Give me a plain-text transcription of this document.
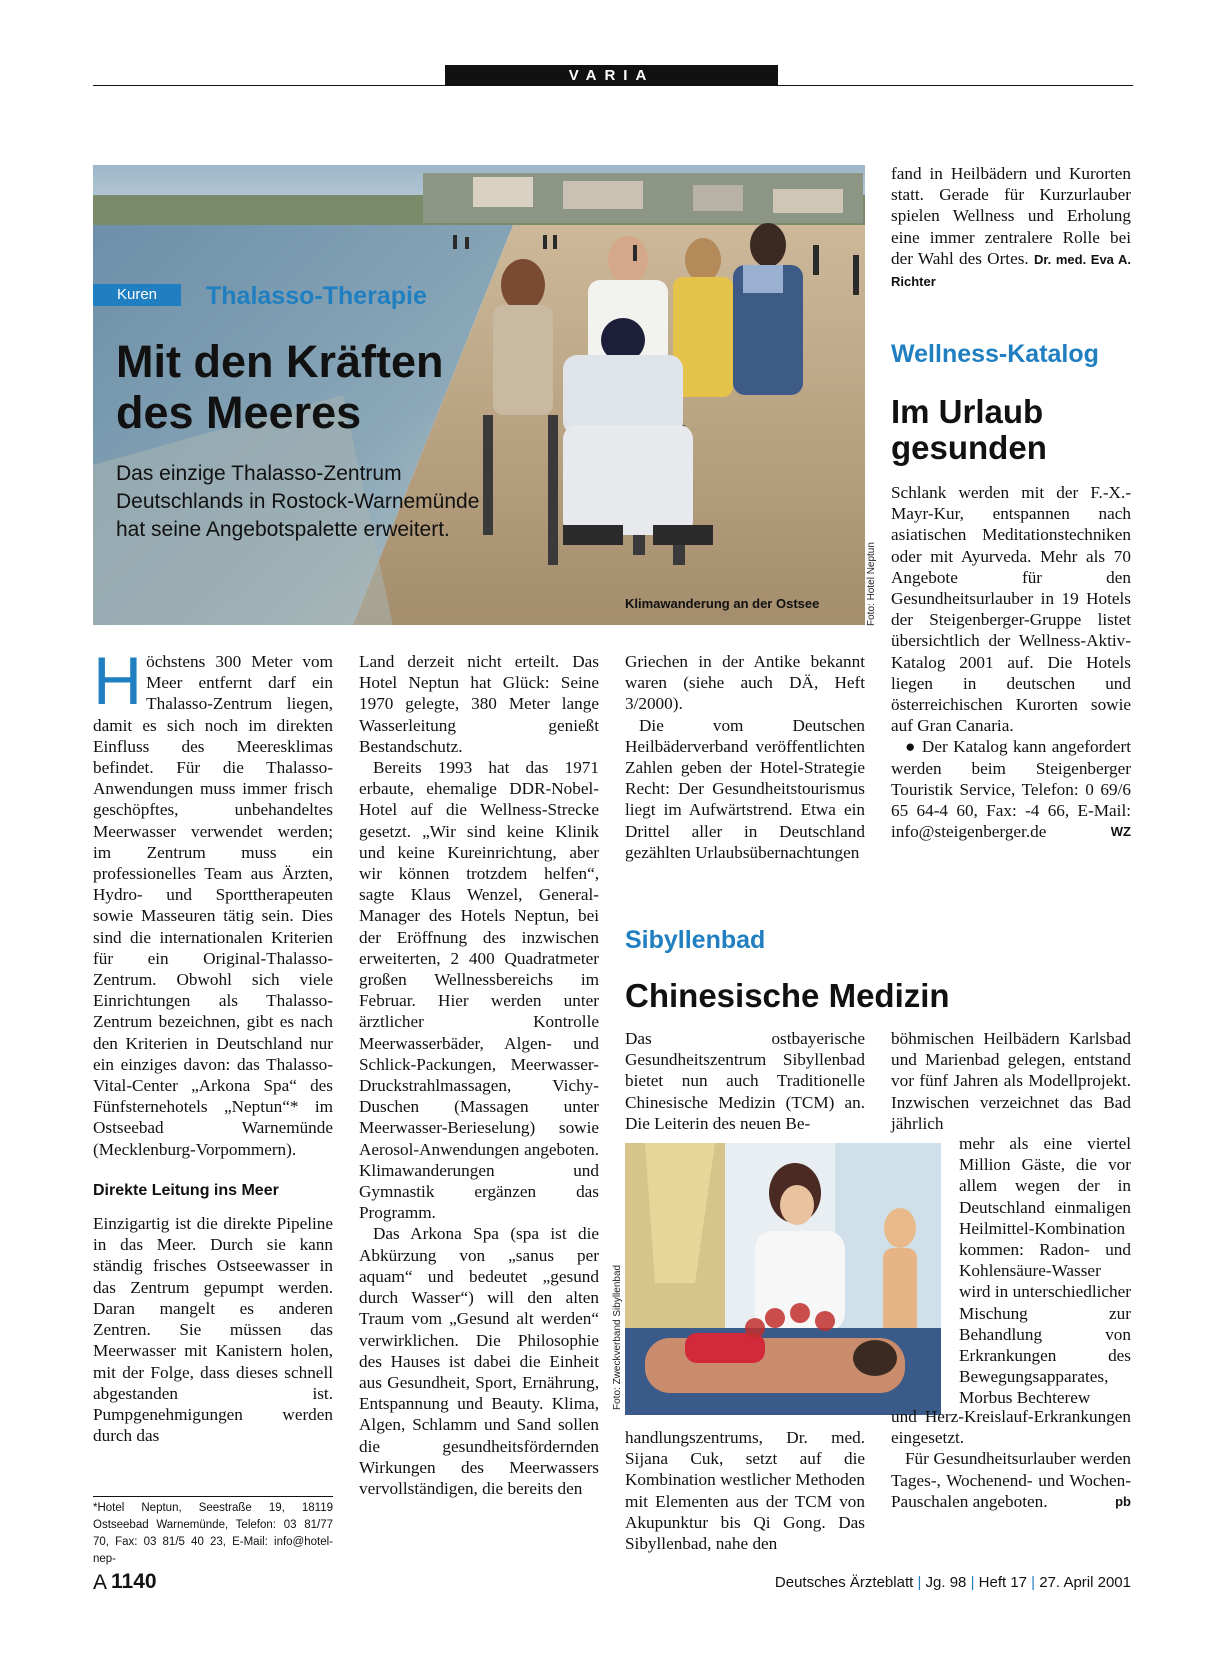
VARIA
Kuren Thalasso-Therapie
Mit den Kräften
des Meeres
Das einzige Thalasso-Zentrum
Deutschlands in Rostock-Warnemünde
hat seine Angebotspalette erweitert.
Klimawanderung an der Ostsee	Foto: Hotel Neptun

Höchstens 300 Meter vom Meer entfernt darf ein Thalasso-Zentrum liegen, damit es sich noch im direkten Einfluss des Meeresklimas befindet. Für die Thalasso-Anwendungen muss immer frisch geschöpftes, unbehandeltes Meerwasser verwendet werden; im Zentrum muss ein professionelles Team aus Ärzten, Hydro- und Sporttherapeuten sowie Masseuren tätig sein. Dies sind die internationalen Kriterien für ein Original-Thalasso-Zentrum. Obwohl sich viele Einrichtungen als Thalasso-Zentrum bezeichnen, gibt es nach den Kriterien in Deutschland nur ein einziges davon: das Thalasso-Vital-Center „Arkona Spa“ des Fünfsternehotels „Neptun“* im Ostseebad Warnemünde (Mecklenburg-Vorpommern).

Direkte Leitung ins Meer

Einzigartig ist die direkte Pipeline in das Meer. Durch sie kann ständig frisches Ostseewasser in das Zentrum gepumpt werden. Daran mangelt es anderen Zentren. Sie müssen das Meerwasser mit Kanistern holen, mit der Folge, dass dieses schnell abgestanden ist. Pumpgenehmigungen werden durch das

*Hotel Neptun, Seestraße 19, 18119 Ostseebad Warnemünde, Telefon: 03 81/77 70, Fax: 03 81/5 40 23, E-Mail: info@hotel-nep-

Land derzeit nicht erteilt. Das Hotel Neptun hat Glück: Seine 1970 gelegte, 380 Meter lange Wasserleitung genießt Bestandschutz.

Bereits 1993 hat das 1971 erbaute, ehemalige DDR-Nobel-Hotel auf die Wellness-Strecke gesetzt. „Wir sind keine Klinik und keine Kureinrichtung, aber wir können trotzdem helfen“, sagte Klaus Wenzel, General-Manager des Hotels Neptun, bei der Eröffnung des inzwischen erweiterten, 2 400 Quadratmeter großen Wellnessbereichs im Februar. Hier werden unter ärztlicher Kontrolle Meerwasserbäder, Algen- und Schlick-Packungen, Meerwasser-Druckstrahlmassagen, Vichy-Duschen (Massagen unter Meerwasser-Berieselung) sowie Aerosol-Anwendungen angeboten. Klimawanderungen und Gymnastik ergänzen das Programm.

Das Arkona Spa (spa ist die Abkürzung von „sanus per aquam“ und bedeutet „gesund durch Wasser“) will den alten Traum vom „Gesund alt werden“ verwirklichen. Die Philosophie des Hauses ist dabei die Einheit aus Gesundheit, Sport, Ernährung, Entspannung und Beauty. Klima, Algen, Schlamm und Sand sollen die gesundheitsfördernden Wirkungen des Meerwassers vervollständigen, die bereits den

Griechen in der Antike bekannt waren (siehe auch DÄ, Heft 3/2000).

Die vom Deutschen Heilbäderverband veröffentlichten Zahlen geben der Hotel-Strategie Recht: Der Gesundheitstourismus liegt im Aufwärtstrend. Etwa ein Drittel aller in Deutschland gezählten Urlaubsübernachtungen

fand in Heilbädern und Kurorten statt. Gerade für Kurzurlauber spielen Wellness und Erholung eine immer zentralere Rolle bei der Wahl des Ortes. Dr. med. Eva A. Richter

Wellness-Katalog
Im Urlaub
gesunden

Schlank werden mit der F.-X.-Mayr-Kur, entspannen nach asiatischen Meditationstechniken oder mit Ayurveda. Mehr als 70 Angebote für den Gesundheitsurlauber in 19 Hotels der Steigenberger-Gruppe listet übersichtlich der Wellness-Aktiv-Katalog 2001 auf. Die Hotels liegen in deutschen und österreichischen Kurorten sowie auf Gran Canaria.

● Der Katalog kann angefordert werden beim Steigenberger Touristik Service, Telefon: 0 69/6 65 64-4 60, Fax: -4 66, E-Mail: info@steigenberger.de	WZ

Sibyllenbad
Chinesische Medizin

Das ostbayerische Gesundheitszentrum Sibyllenbad bietet nun auch Traditionelle Chinesische Medizin (TCM) an. Die Leiterin des neuen Be-

Foto: Zweckverband Sibyllenbad

handlungszentrums, Dr. med. Sijana Cuk, setzt auf die Kombination westlicher Methoden mit Elementen aus der TCM von Akupunktur bis Qi Gong. Das Sibyllenbad, nahe den

böhmischen Heilbädern Karlsbad und Marienbad gelegen, entstand vor fünf Jahren als Modellprojekt. Inzwischen verzeichnet das Bad jährlich

mehr als eine viertel Million Gäste, die vor allem wegen der in Deutschland einmaligen Heilmittel-Kombination kommen: Radon- und Kohlensäure-Wasser wird in unterschiedlicher Mischung zur Behandlung von Erkrankungen des Bewegungsapparates, Morbus Bechterew

und Herz-Kreislauf-Erkrankungen eingesetzt.

Für Gesundheitsurlauber werden Tages-, Wochenend- und Wochen-Pauschalen angeboten.	pb

A 1140	Deutsches Ärzteblatt | Jg. 98 | Heft 17 | 27. April 2001
